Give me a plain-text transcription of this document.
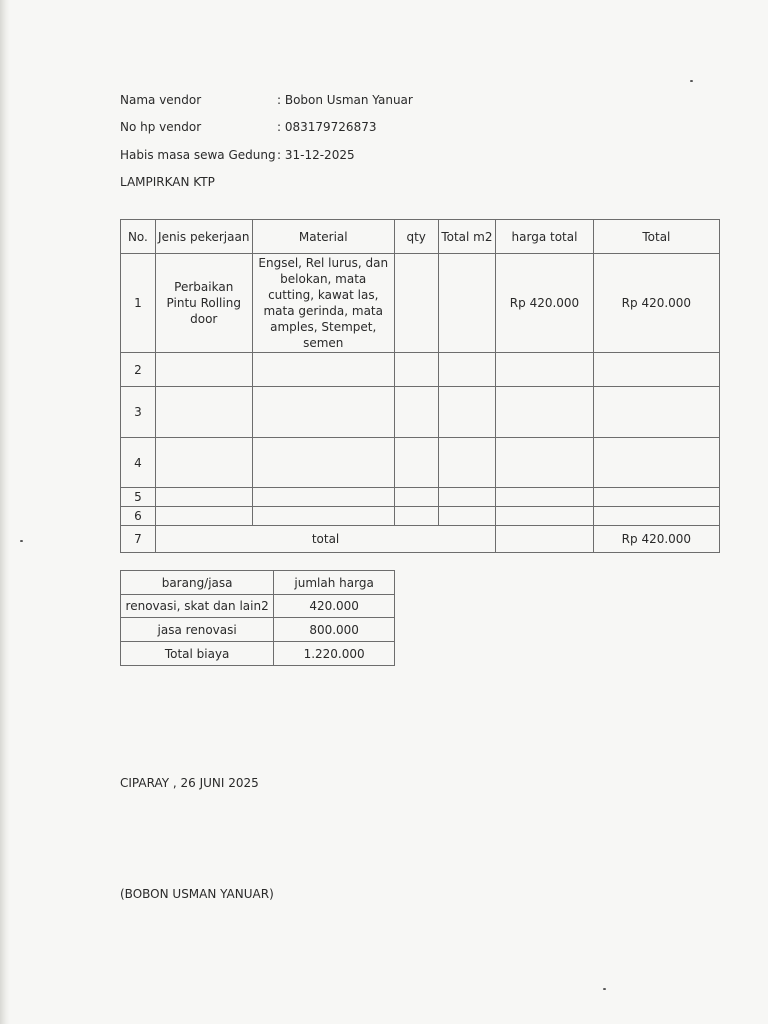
Nama vendor	: Bobon Usman Yanuar
No hp vendor	: 083179726873
Habis masa sewa Gedung : 31-12-2025
LAMPIRKAN KTP
No.	Jenis pekerjaan	Material	qty	Total m2	harga total	Total
1	Perbaikan Pintu Rolling door	Engsel, Rel lurus, dan belokan, mata cutting, kawat las, mata gerinda, mata amples, Stempet, semen			Rp 420.000	Rp 420.000
2						
3						
4						
5						
6						
7	total					Rp 420.000
barang/jasa	jumlah harga
renovasi, skat dan lain2	420.000
jasa renovasi	800.000
Total biaya	1.220.000
CIPARAY , 26 JUNI 2025
(BOBON USMAN YANUAR)
